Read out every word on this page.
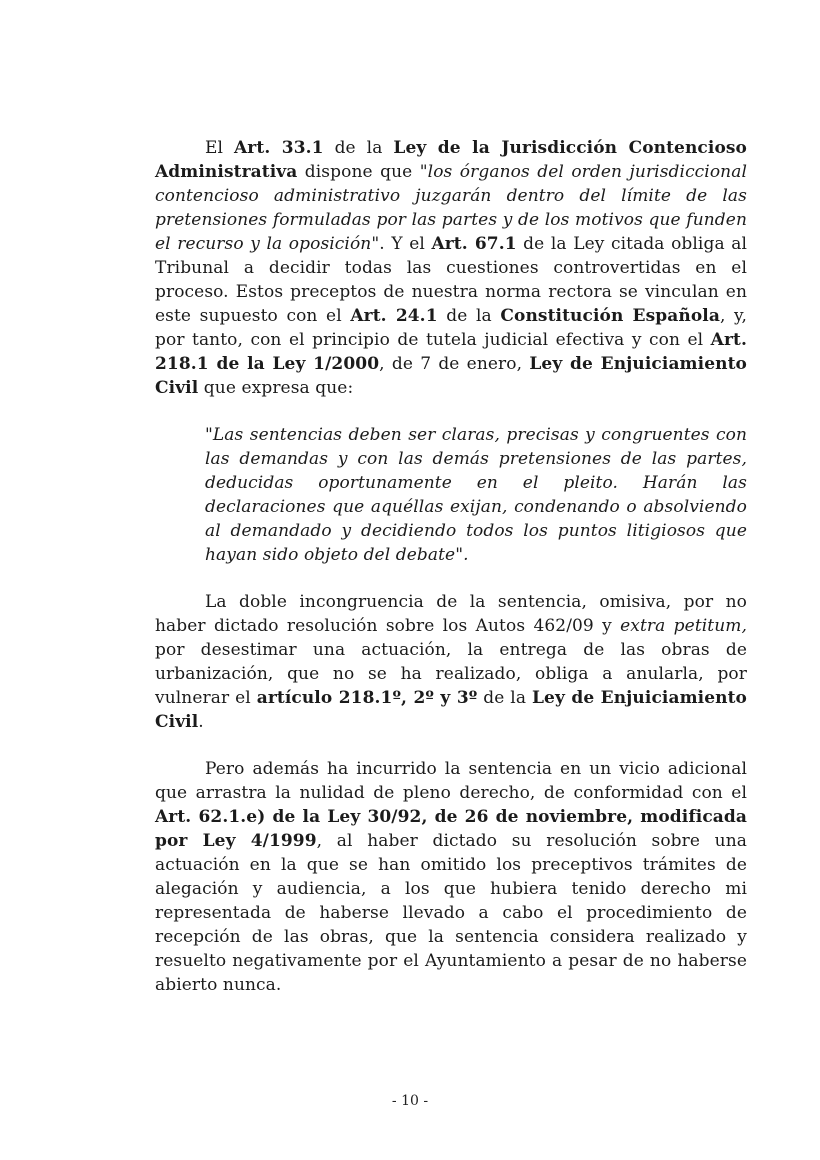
El Art. 33.1 de la Ley de la Jurisdicción Contencioso Administrativa dispone que "los órganos del orden jurisdiccional contencioso administrativo juzgarán dentro del límite de las pretensiones formuladas por las partes y de los motivos que funden el recurso y la oposición". Y el Art. 67.1 de la Ley citada obliga al Tribunal a decidir todas las cuestiones controvertidas en el proceso. Estos preceptos de nuestra norma rectora se vinculan en este supuesto con el Art. 24.1 de la Constitución Española, y, por tanto, con el principio de tutela judicial efectiva y con el Art. 218.1 de la Ley 1/2000, de 7 de enero, Ley de Enjuiciamiento Civil que expresa que:

"Las sentencias deben ser claras, precisas y congruentes con las demandas y con las demás pretensiones de las partes, deducidas oportunamente en el pleito. Harán las declaraciones que aquéllas exijan, condenando o absolviendo al demandado y decidiendo todos los puntos litigiosos que hayan sido objeto del debate".

La doble incongruencia de la sentencia, omisiva, por no haber dictado resolución sobre los Autos 462/09 y extra petitum, por desestimar una actuación, la entrega de las obras de urbanización, que no se ha realizado, obliga a anularla, por vulnerar el artículo 218.1º, 2º y 3º de la Ley de Enjuiciamiento Civil.

Pero además ha incurrido la sentencia en un vicio adicional que arrastra la nulidad de pleno derecho, de conformidad con el Art. 62.1.e) de la Ley 30/92, de 26 de noviembre, modificada por Ley 4/1999, al haber dictado su resolución sobre una actuación en la que se han omitido los preceptivos trámites de alegación y audiencia, a los que hubiera tenido derecho mi representada de haberse llevado a cabo el procedimiento de recepción de las obras, que la sentencia considera realizado y resuelto negativamente por el Ayuntamiento a pesar de no haberse abierto nunca.

- 10 -
